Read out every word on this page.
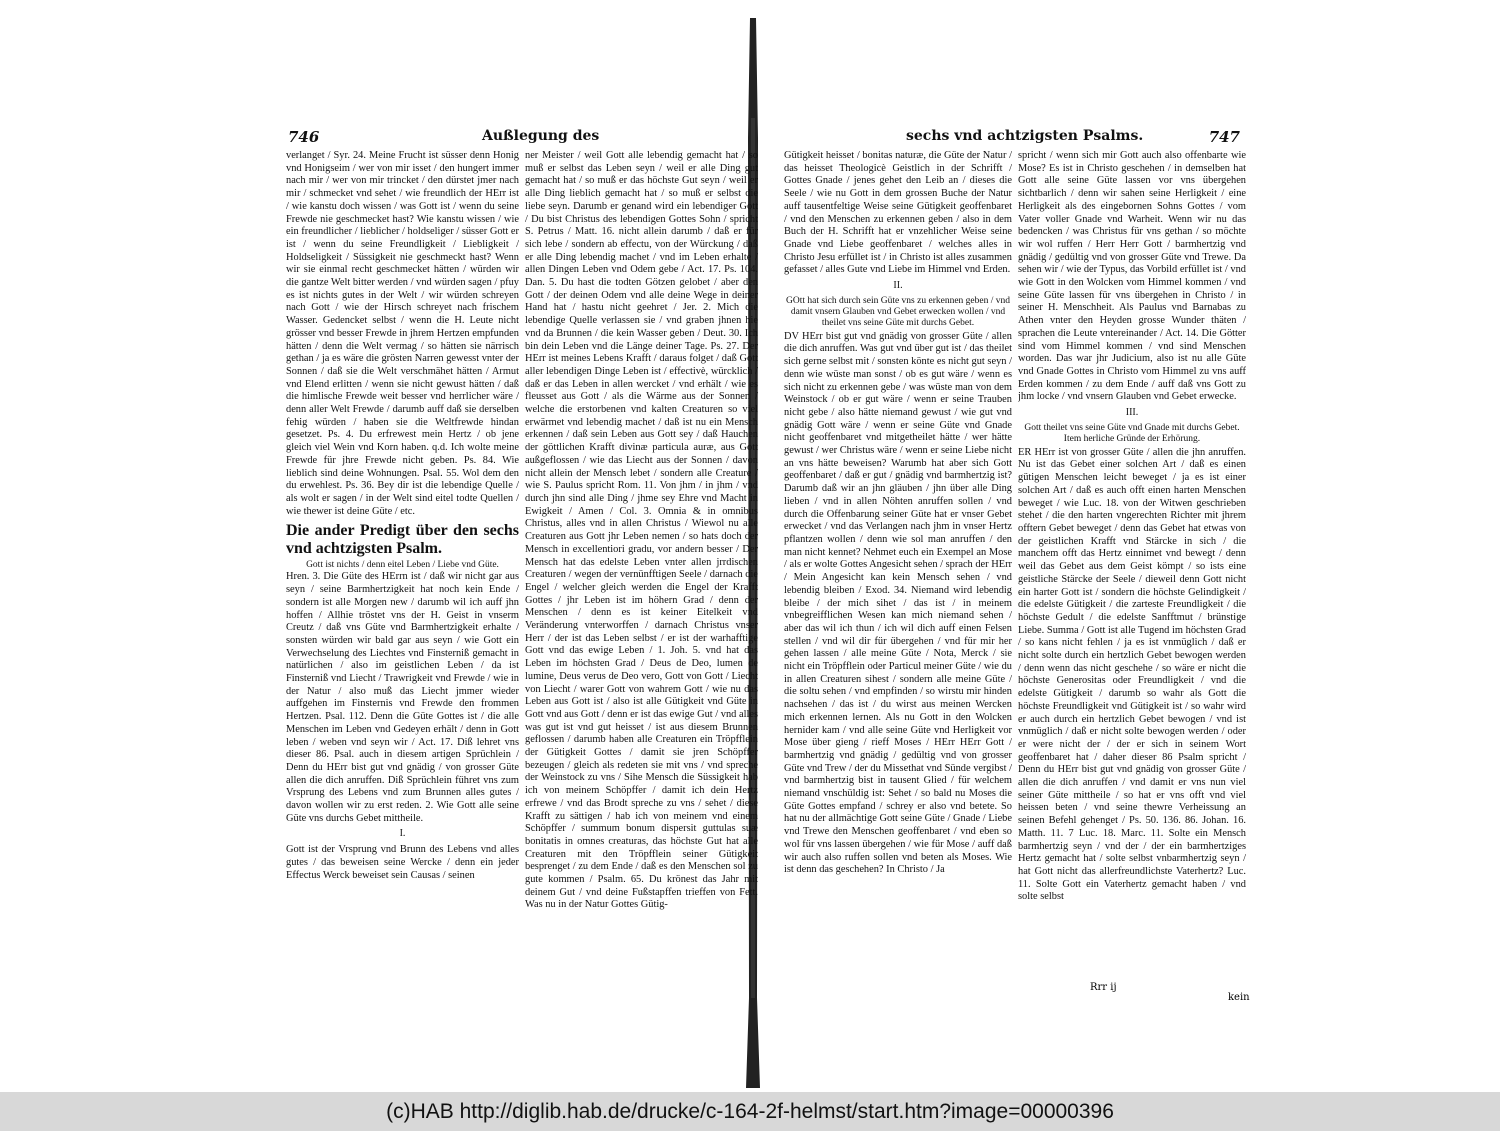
746	Außlegung des

verlanget / Syr. 24. Meine Frucht ist süsser denn Honig vnd Honigseim / wer von mir isset / den hungert immer nach mir / wer von mir trincket / den dürstet jmer nach mir / schmecket vnd sehet / wie freundlich der HErr ist / wie kanstu doch wissen / was Gott ist / wenn du seine Frewde nie geschmecket hast? Wie kanstu wissen / wie ein freundlicher / lieblicher / holdseliger / süsser Gott er ist / wenn du seine Freundligkeit / Liebligkeit / Holdseligkeit / Süssigkeit nie geschmeckt hast? Wenn wir sie einmal recht geschmecket hätten / würden wir die gantze Welt bitter werden / vnd würden sagen / pfuy es ist nichts gutes in der Welt / wir würden schreyen nach Gott / wie der Hirsch schreyet nach frischem Wasser. Gedencket selbst / wenn die H. Leute nicht grösser vnd besser Frewde in jhrem Hertzen empfunden hätten / denn die Welt vermag / so hätten sie närrisch gethan / ja es wäre die grösten Narren gewesst vnter der Sonnen / daß sie die Welt verschmähet hätten / Armut vnd Elend erlitten / wenn sie nicht gewust hätten / daß die himlische Frewde weit besser vnd herrlicher wäre / denn aller Welt Frewde / darumb auff daß sie derselben fehig würden / haben sie die Weltfrewde hindan gesetzet. Ps. 4. Du erfrewest mein Hertz / ob jene gleich viel Wein vnd Korn haben. q.d. Ich wolte meine Frewde für jhre Frewde nicht geben. Ps. 84. Wie lieblich sind deine Wohnungen. Psal. 55. Wol dem den du erwehlest. Ps. 36. Bey dir ist die lebendige Quelle / als wolt er sagen / in der Welt sind eitel todte Quellen / wie thewer ist deine Güte / etc.

Die ander Predigt über den sechs vnd achtzigsten Psalm.
Gott ist nichts / denn eitel Leben / Liebe vnd Güte.

Hren. 3. Die Güte des HErrn ist / daß wir nicht gar aus seyn / seine Barmhertzigkeit hat noch kein Ende / sondern ist alle Morgen new / darumb wil ich auff jhn hoffen / Allhie tröstet vns der H. Geist in vnserm Creutz / daß vns Güte vnd Barmhertzigkeit erhalte / sonsten würden wir bald gar aus seyn / wie Gott ein Verwechselung des Liechtes vnd Finsterniß gemacht in natürlichen / also im geistlichen Leben / da ist Finsterniß vnd Liecht / Trawrigkeit vnd Frewde / wie in der Natur / also muß das Liecht jmmer wieder auffgehen im Finsternis vnd Frewde den frommen Hertzen. Psal. 112. Denn die Güte Gottes ist / die alle Menschen im Leben vnd Gedeyen erhält / denn in Gott leben / weben vnd seyn wir / Act. 17. Diß lehret vns dieser 86. Psal. auch in diesem artigen Sprüchlein / Denn du HErr bist gut vnd gnädig / von grosser Güte allen die dich anruffen. Diß Sprüchlein führet vns zum Vrsprung des Lebens vnd zum Brunnen alles gutes / davon wollen wir zu erst reden. 2. Wie Gott alle seine Güte vns durchs Gebet mittheile.

I.

Gott ist der Vrsprung vnd Brunn des Lebens vnd alles gutes / das beweisen seine Wercke / denn ein jeder Effectus Werck beweiset sein Causas / seinen

ner Meister / weil Gott alle lebendig gemacht hat / so muß er selbst das Leben seyn / weil er alle Ding gut gemacht hat / so muß er das höchste Gut seyn / weil er alle Ding lieblich gemacht hat / so muß er selbst die liebe seyn. Darumb er genand wird ein lebendiger Gott / Du bist Christus des lebendigen Gottes Sohn / spricht S. Petrus / Matt. 16. nicht allein darumb / daß er für sich lebe / sondern ab effectu, von der Würckung / daß er alle Ding lebendig machet / vnd im Leben erhalte / allen Dingen Leben vnd Odem gebe / Act. 17. Ps. 104. Dan. 5. Du hast die todten Götzen gelobet / aber den Gott / der deinen Odem vnd alle deine Wege in deiner Hand hat / hastu nicht geehret / Jer. 2. Mich die lebendige Quelle verlassen sie / vnd graben jhnen hie vnd da Brunnen / die kein Wasser geben / Deut. 30. Ich bin dein Leben vnd die Länge deiner Tage. Ps. 27. Der HErr ist meines Lebens Krafft / daraus folget / daß Gott aller lebendigen Dinge Leben ist / effectivè, würcklich / daß er das Leben in allen wercket / vnd erhält / wie es fleusset aus Gott / als die Wärme aus der Sonnen / welche die erstorbenen vnd kalten Creaturen so viel erwärmet vnd lebendig machet / daß ist nu ein Mensch erkennen / daß sein Leben aus Gott sey / daß Hauchen der göttlichen Krafft divinæ particula auræ, aus Gott außgeflossen / wie das Liecht aus der Sonnen / davon nicht allein der Mensch lebet / sondern alle Creature / wie S. Paulus spricht Rom. 11. Von jhm / in jhm / vnd durch jhn sind alle Ding / jhme sey Ehre vnd Macht in Ewigkeit / Amen / Col. 3. Omnia & in omnibus Christus, alles vnd in allen Christus / Wiewol nu alle Creaturen aus Gott jhr Leben nemen / so hats doch der Mensch in excellentiori gradu, vor andern besser / Der Mensch hat das edelste Leben vnter allen jrrdischen Creaturen / wegen der vernünfftigen Seele / darnach die Engel / welcher gleich werden die Engel der Krafft Gottes / jhr Leben ist im höhern Grad / denn der Menschen / denn es ist keiner Eitelkeit vnd Veränderung vnterworffen / darnach Christus vnser Herr / der ist das Leben selbst / er ist der warhafftige Gott vnd das ewige Leben / 1. Joh. 5. vnd hat das Leben im höchsten Grad / Deus de Deo, lumen de lumine, Deus verus de Deo vero, Gott von Gott / Liecht von Liecht / warer Gott von wahrem Gott / wie nu das Leben aus Gott ist / also ist alle Gütigkeit vnd Güte in Gott vnd aus Gott / denn er ist das ewige Gut / vnd alles was gut ist vnd gut heisset / ist aus diesem Brunnen geflossen / darumb haben alle Creaturen ein Tröpfflein der Gütigkeit Gottes / damit sie jren Schöpffer bezeugen / gleich als redeten sie mit vns / vnd spreche der Weinstock zu vns / Sihe Mensch die Süssigkeit hab ich von meinem Schöpffer / damit ich dein Hertz erfrewe / vnd das Brodt spreche zu vns / sehet / diese Krafft zu sättigen / hab ich von meinem vnd einem Schöpffer / summum bonum dispersit guttulas suæ bonitatis in omnes creaturas, das höchste Gut hat alle Creaturen mit den Tröpfflein seiner Gütigkeit besprenget / zu dem Ende / daß es den Menschen sol zu gute kommen / Psalm. 65. Du krönest das Jahr mit deinem Gut / vnd deine Fußstapffen trieffen von Fett. Was nu in der Natur Gottes Gütig-

sechs vnd achtzigsten Psalms.	747

Gütigkeit heisset / bonitas naturæ, die Güte der Natur / das heisset Theologicè Geistlich in der Schrifft / Gottes Gnade / jenes gehet den Leib an / dieses die Seele / wie nu Gott in dem grossen Buche der Natur auff tausentfeltige Weise seine Gütigkeit geoffenbaret / vnd den Menschen zu erkennen geben / also in dem Buch der H. Schrifft hat er vnzehlicher Weise seine Gnade vnd Liebe geoffenbaret / welches alles in Christo Jesu erfüllet ist / in Christo ist alles zusammen gefasset / alles Gute vnd Liebe im Himmel vnd Erden.

II.
GOtt hat sich durch sein Güte vns zu erkennen geben / vnd damit vnsern Glauben vnd Gebet erwecken wollen / vnd theilet vns seine Güte mit durchs Gebet.

DV HErr bist gut vnd gnädig von grosser Güte / allen die dich anruffen. Was gut vnd über gut ist / das theilet sich gerne selbst mit / sonsten könte es nicht gut seyn / denn wie wüste man sonst / ob es gut wäre / wenn es sich nicht zu erkennen gebe / was wüste man von dem Weinstock / ob er gut wäre / wenn er seine Trauben nicht gebe / also hätte niemand gewust / wie gut vnd gnädig Gott wäre / wenn er seine Güte vnd Gnade nicht geoffenbaret vnd mitgetheilet hätte / wer hätte gewust / wer Christus wäre / wenn er seine Liebe nicht an vns hätte beweisen? Warumb hat aber sich Gott geoffenbaret / daß er gut / gnädig vnd barmhertzig ist? Darumb daß wir an jhn gläuben / jhn über alle Ding lieben / vnd in allen Nöhten anruffen sollen / vnd durch die Offenbarung seiner Güte hat er vnser Gebet erwecket / vnd das Verlangen nach jhm in vnser Hertz pflantzen wollen / denn wie sol man anruffen / den man nicht kennet? Nehmet euch ein Exempel an Mose / als er wolte Gottes Angesicht sehen / sprach der HErr / Mein Angesicht kan kein Mensch sehen / vnd lebendig bleiben / Exod. 34. Niemand wird lebendig bleibe / der mich sihet / das ist / in meinem vnbegreifflichen Wesen kan mich niemand sehen / aber das wil ich thun / ich wil dich auff einen Felsen stellen / vnd wil dir für übergehen / vnd für mir her gehen lassen / alle meine Güte / Nota, Merck / sie nicht ein Tröpfflein oder Particul meiner Güte / wie du in allen Creaturen sihest / sondern alle meine Güte / die soltu sehen / vnd empfinden / so wirstu mir hinden nachsehen / das ist / du wirst aus meinen Wercken mich erkennen lernen. Als nu Gott in den Wolcken hernider kam / vnd alle seine Güte vnd Herligkeit vor Mose über gieng / rieff Moses / HErr HErr Gott / barmhertzig vnd gnädig / gedültig vnd von grosser Güte vnd Trew / der du Missethat vnd Sünde vergibst / vnd barmhertzig bist in tausent Glied / für welchem niemand vnschüldig ist: Sehet / so bald nu Moses die Güte Gottes empfand / schrey er also vnd betete. So hat nu der allmächtige Gott seine Güte / Gnade / Liebe vnd Trewe den Menschen geoffenbaret / vnd eben so wol für vns lassen übergehen / wie für Mose / auff daß wir auch also ruffen sollen vnd beten als Moses. Wie ist denn das geschehen? In Christo / Ja

spricht / wenn sich mir Gott auch also offenbarte wie Mose? Es ist in Christo geschehen / in demselben hat Gott alle seine Güte lassen vor vns übergehen sichtbarlich / denn wir sahen seine Herligkeit / eine Herligkeit als des eingebornen Sohns Gottes / vom Vater voller Gnade vnd Warheit. Wenn wir nu das bedencken / was Christus für vns gethan / so möchte wir wol ruffen / Herr Herr Gott / barmhertzig vnd gnädig / gedültig vnd von grosser Güte vnd Trewe. Da sehen wir / wie der Typus, das Vorbild erfüllet ist / vnd wie Gott in den Wolcken vom Himmel kommen / vnd seine Güte lassen für vns übergehen in Christo / in seiner H. Menschheit. Als Paulus vnd Barnabas zu Athen vnter den Heyden grosse Wunder thäten / sprachen die Leute vntereinander / Act. 14. Die Götter sind vom Himmel kommen / vnd sind Menschen worden. Das war jhr Judicium, also ist nu alle Güte vnd Gnade Gottes in Christo vom Himmel zu vns auff Erden kommen / zu dem Ende / auff daß vns Gott zu jhm locke / vnd vnsern Glauben vnd Gebet erwecke.

III.
Gott theilet vns seine Güte vnd Gnade mit durchs Gebet. Item herliche Gründe der Erhörung.

ER HErr ist von grosser Güte / allen die jhn anruffen. Nu ist das Gebet einer solchen Art / daß es einen gütigen Menschen leicht beweget / ja es ist einer solchen Art / daß es auch offt einen harten Menschen beweget / wie Luc. 18. von der Witwen geschrieben stehet / die den harten vngerechten Richter mit jhrem offtern Gebet beweget / denn das Gebet hat etwas von der geistlichen Krafft vnd Stärcke in sich / die manchem offt das Hertz einnimet vnd bewegt / denn weil das Gebet aus dem Geist kömpt / so ists eine geistliche Stärcke der Seele / dieweil denn Gott nicht ein harter Gott ist / sondern die höchste Gelindigkeit / die edelste Gütigkeit / die zarteste Freundligkeit / die höchste Gedult / die edelste Sanfftmut / brünstige Liebe. Summa / Gott ist alle Tugend im höchsten Grad / so kans nicht fehlen / ja es ist vnmüglich / daß er nicht solte durch ein hertzlich Gebet bewogen werden / denn wenn das nicht geschehe / so wäre er nicht die höchste Generositas oder Freundligkeit / vnd die edelste Gütigkeit / darumb so wahr als Gott die höchste Freundligkeit vnd Gütigkeit ist / so wahr wird er auch durch ein hertzlich Gebet bewogen / vnd ist vnmüglich / daß er nicht solte bewogen werden / oder er were nicht der / der er sich in seinem Wort geoffenbaret hat / daher dieser 86 Psalm spricht / Denn du HErr bist gut vnd gnädig von grosser Güte / allen die dich anruffen / vnd damit er vns nun viel seiner Güte mittheile / so hat er vns offt vnd viel heissen beten / vnd seine thewre Verheissung an seinen Befehl gehenget / Ps. 50. 136. 86. Johan. 16. Matth. 11. 7 Luc. 18. Marc. 11. Solte ein Mensch barmhertzig seyn / vnd der / der ein barmhertziges Hertz gemacht hat / solte selbst vnbarmhertzig seyn / hat Gott nicht das allerfreundlichste Vaterhertz? Luc. 11. Solte Gott ein Vaterhertz gemacht haben / vnd solte selbst

Rrr ij
kein
(c)HAB http://diglib.hab.de/drucke/c-164-2f-helmst/start.htm?image=00000396
